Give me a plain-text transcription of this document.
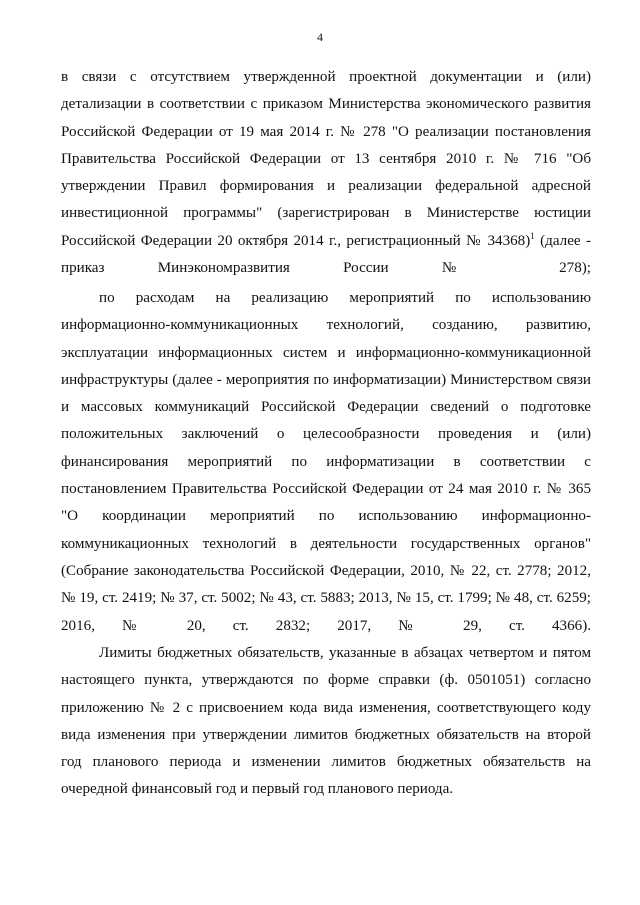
4

в связи с отсутствием утвержденной проектной документации и (или) детализации в соответствии с приказом Министерства экономического развития Российской Федерации от 19 мая 2014 г. № 278 "О реализации постановления Правительства Российской Федерации от 13 сентября 2010 г. № 716 "Об утверждении Правил формирования и реализации федеральной адресной инвестиционной программы" (зарегистрирован в Министерстве юстиции Российской Федерации 20 октября 2014 г., регистрационный № 34368)$^1$ (далее - приказ Минэкономразвития России № 278);

по расходам на реализацию мероприятий по использованию информационно-коммуникационных технологий, созданию, развитию, эксплуатации информационных систем и информационно-коммуникационной инфраструктуры (далее - мероприятия по информатизации) Министерством связи и массовых коммуникаций Российской Федерации сведений о подготовке положительных заключений о целесообразности проведения и (или) финансирования мероприятий по информатизации в соответствии с постановлением Правительства Российской Федерации от 24 мая 2010 г. № 365 "О координации мероприятий по использованию информационно-коммуникационных технологий в деятельности государственных органов" (Собрание законодательства Российской Федерации, 2010, № 22, ст. 2778; 2012, № 19, ст. 2419; № 37, ст. 5002; № 43, ст. 5883; 2013, № 15, ст. 1799; № 48, ст. 6259; 2016, № 20, ст. 2832; 2017, № 29, ст. 4366).

Лимиты бюджетных обязательств, указанные в абзацах четвертом и пятом настоящего пункта, утверждаются по форме справки (ф. 0501051) согласно приложению № 2 с присвоением кода вида изменения, соответствующего коду вида изменения при утверждении лимитов бюджетных обязательств на второй год планового периода и изменении лимитов бюджетных обязательств на очередной финансовый год и первый год планового периода.
